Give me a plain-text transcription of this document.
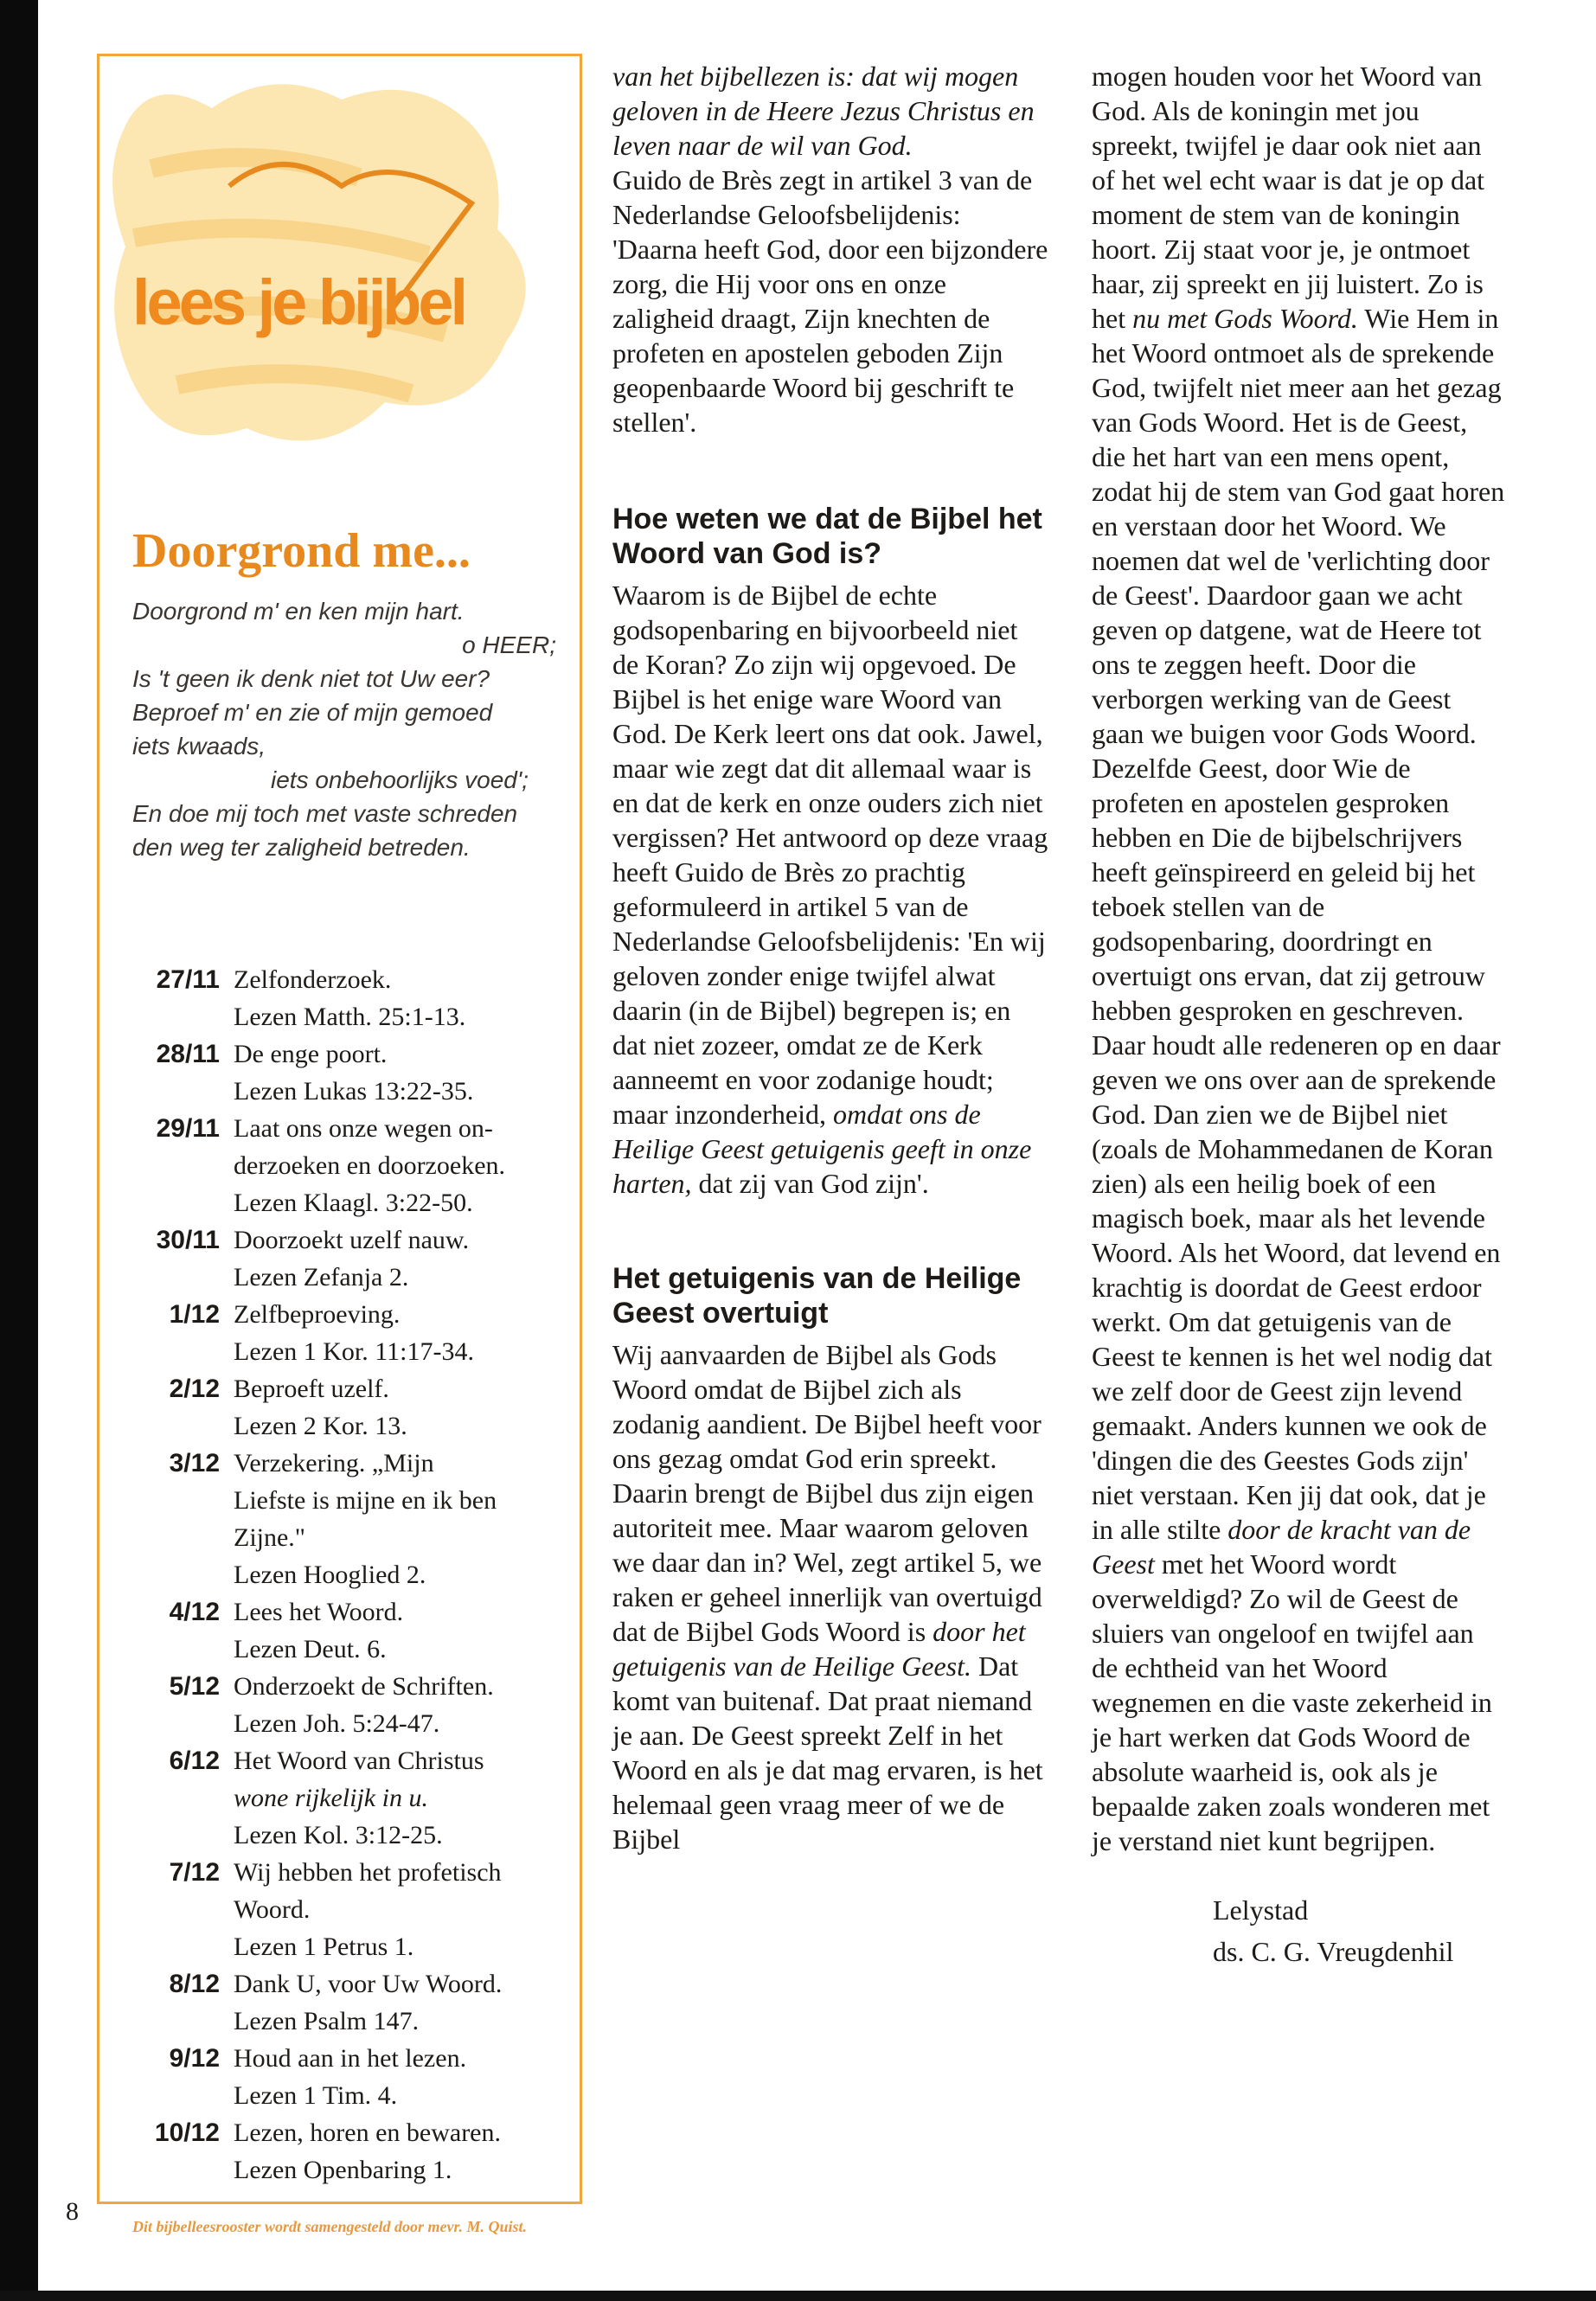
8
lees je bijbel
Doorgrond me...
Doorgrond m' en ken mijn hart.
o HEER;
Is 't geen ik denk niet tot Uw eer?
Beproef m' en zie of mijn gemoed
iets kwaads,
iets onbehoorlijks voed';
En doe mij toch met vaste schreden
den weg ter zaligheid betreden.
27/11 Zelfonderzoek.
Lezen Matth. 25:1-13.
28/11 De enge poort.
Lezen Lukas 13:22-35.
29/11 Laat ons onze wegen on-
derzoeken en doorzoeken.
Lezen Klaagl. 3:22-50.
30/11 Doorzoekt uzelf nauw.
Lezen Zefanja 2.
1/12 Zelfbeproeving.
Lezen 1 Kor. 11:17-34.
2/12 Beproeft uzelf.
Lezen 2 Kor. 13.
3/12 Verzekering. „Mijn
Liefste is mijne en ik ben
Zijne."
Lezen Hooglied 2.
4/12 Lees het Woord.
Lezen Deut. 6.
5/12 Onderzoekt de Schriften.
Lezen Joh. 5:24-47.
6/12 Het Woord van Christus
wone rijkelijk in u.
Lezen Kol. 3:12-25.
7/12 Wij hebben het profetisch
Woord.
Lezen 1 Petrus 1.
8/12 Dank U, voor Uw Woord.
Lezen Psalm 147.
9/12 Houd aan in het lezen.
Lezen 1 Tim. 4.
10/12 Lezen, horen en bewaren.
Lezen Openbaring 1.
Dit bijbelleesrooster wordt samengesteld door mevr. M. Quist.

van het bijbellezen is: dat wij mogen geloven in de Heere Jezus Christus en leven naar de wil van God.

Guido de Brès zegt in artikel 3 van de Nederlandse Geloofsbelijdenis: 'Daarna heeft God, door een bijzondere zorg, die Hij voor ons en onze zaligheid draagt, Zijn knechten de profeten en apostelen geboden Zijn geopenbaarde Woord bij geschrift te stellen'.

Hoe weten we dat de Bijbel het Woord van God is?

Waarom is de Bijbel de echte godsopenbaring en bijvoorbeeld niet de Koran? Zo zijn wij opgevoed. De Bijbel is het enige ware Woord van God. De Kerk leert ons dat ook. Jawel, maar wie zegt dat dit allemaal waar is en dat de kerk en onze ouders zich niet vergissen? Het antwoord op deze vraag heeft Guido de Brès zo prachtig geformuleerd in artikel 5 van de Nederlandse Geloofsbelijdenis: 'En wij geloven zonder enige twijfel alwat daarin (in de Bijbel) begrepen is; en dat niet zozeer, omdat ze de Kerk aanneemt en voor zodanige houdt; maar inzonderheid, omdat ons de Heilige Geest getuigenis geeft in onze harten, dat zij van God zijn'.

Het getuigenis van de Heilige Geest overtuigt

Wij aanvaarden de Bijbel als Gods Woord omdat de Bijbel zich als zodanig aandient. De Bijbel heeft voor ons gezag omdat God erin spreekt. Daarin brengt de Bijbel dus zijn eigen autoriteit mee. Maar waarom geloven we daar dan in? Wel, zegt artikel 5, we raken er geheel innerlijk van overtuigd dat de Bijbel Gods Woord is door het getuigenis van de Heilige Geest. Dat komt van buitenaf. Dat praat niemand je aan. De Geest spreekt Zelf in het Woord en als je dat mag ervaren, is het helemaal geen vraag meer of we de Bijbel

mogen houden voor het Woord van God. Als de koningin met jou spreekt, twijfel je daar ook niet aan of het wel echt waar is dat je op dat moment de stem van de koningin hoort. Zij staat voor je, je ontmoet haar, zij spreekt en jij luistert. Zo is het nu met Gods Woord. Wie Hem in het Woord ontmoet als de sprekende God, twijfelt niet meer aan het gezag van Gods Woord. Het is de Geest, die het hart van een mens opent, zodat hij de stem van God gaat horen en verstaan door het Woord. We noemen dat wel de 'verlichting door de Geest'. Daardoor gaan we acht geven op datgene, wat de Heere tot ons te zeggen heeft. Door die verborgen werking van de Geest gaan we buigen voor Gods Woord. Dezelfde Geest, door Wie de profeten en apostelen gesproken hebben en Die de bijbelschrijvers heeft geïnspireerd en geleid bij het teboek stellen van de godsopenbaring, doordringt en overtuigt ons ervan, dat zij getrouw hebben gesproken en geschreven. Daar houdt alle redeneren op en daar geven we ons over aan de sprekende God. Dan zien we de Bijbel niet (zoals de Mohammedanen de Koran zien) als een heilig boek of een magisch boek, maar als het levende Woord. Als het Woord, dat levend en krachtig is doordat de Geest erdoor werkt. Om dat getuigenis van de Geest te kennen is het wel nodig dat we zelf door de Geest zijn levend gemaakt. Anders kunnen we ook de 'dingen die des Geestes Gods zijn' niet verstaan. Ken jij dat ook, dat je in alle stilte door de kracht van de Geest met het Woord wordt overweldigd? Zo wil de Geest de sluiers van ongeloof en twijfel aan de echtheid van het Woord wegnemen en die vaste zekerheid in je hart werken dat Gods Woord de absolute waarheid is, ook als je bepaalde zaken zoals wonderen met je verstand niet kunt begrijpen.

Lelystad

ds. C. G. Vreugdenhil
